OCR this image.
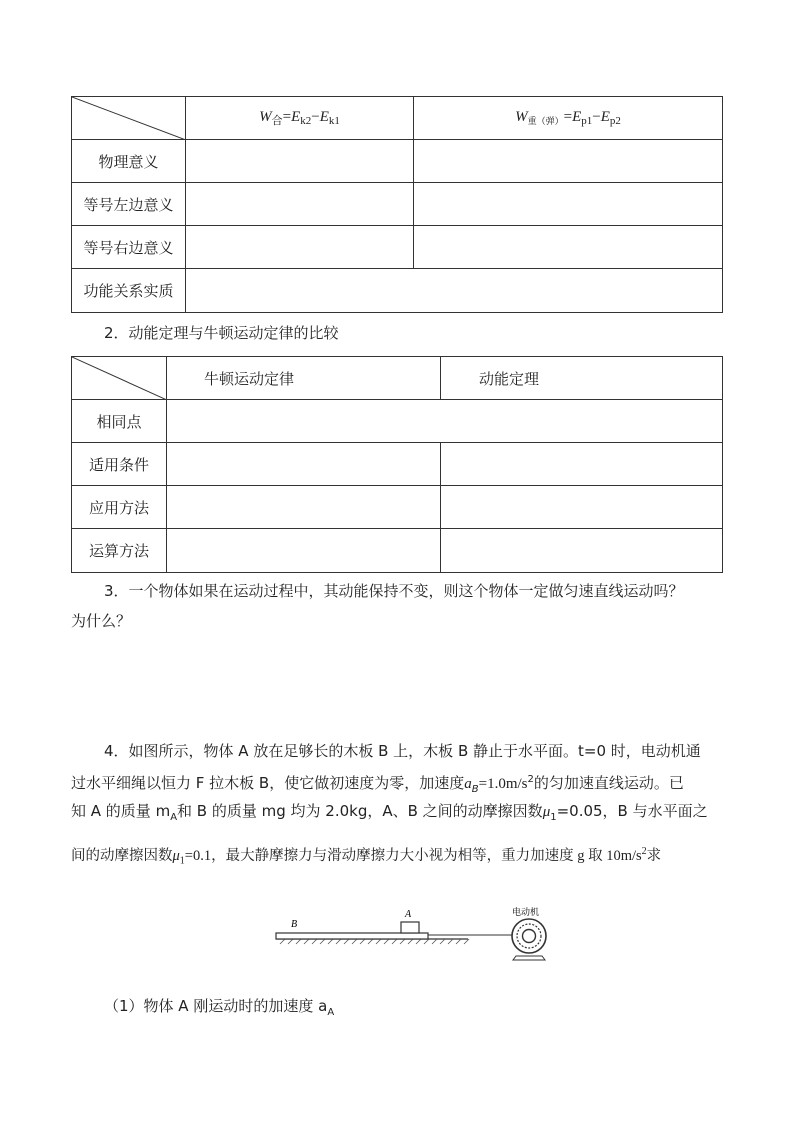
	$W_合=E_{k2}-E_{k1}$	$W_{重(弹)}=E_{p1}-E_{p2}$
物理意义		
等号左边意义		
等号右边意义		
功能关系实质		
2．动能定理与牛顿运动定律的比较
	牛顿运动定律	动能定理
相同点		
适用条件		
应用方法		
运算方法		
3．一个物体如果在运动过程中，其动能保持不变，则这个物体一定做匀速直线运动吗？
为什么？
4．如图所示，物体 A 放在足够长的木板 B 上，木板 B 静止于水平面。t=0 时，电动机通
过水平细绳以恒力 F 拉木板 B，使它做初速度为零，加速度$a_B=1.0m/s^2$的匀加速直线运动。已
知 A 的质量 $m_A$和 B 的质量 mg 均为 2.0kg，A、B 之间的动摩擦因数$\mu_1=0.05$，B 与水平面之
间的动摩擦因数$\mu_1=0.1$，最大静摩擦力与滑动摩擦力大小视为相等，重力加速度 g 取 $10m/s^2$求
B
A	电动机
（1）物体 A 刚运动时的加速度 $a_A$
